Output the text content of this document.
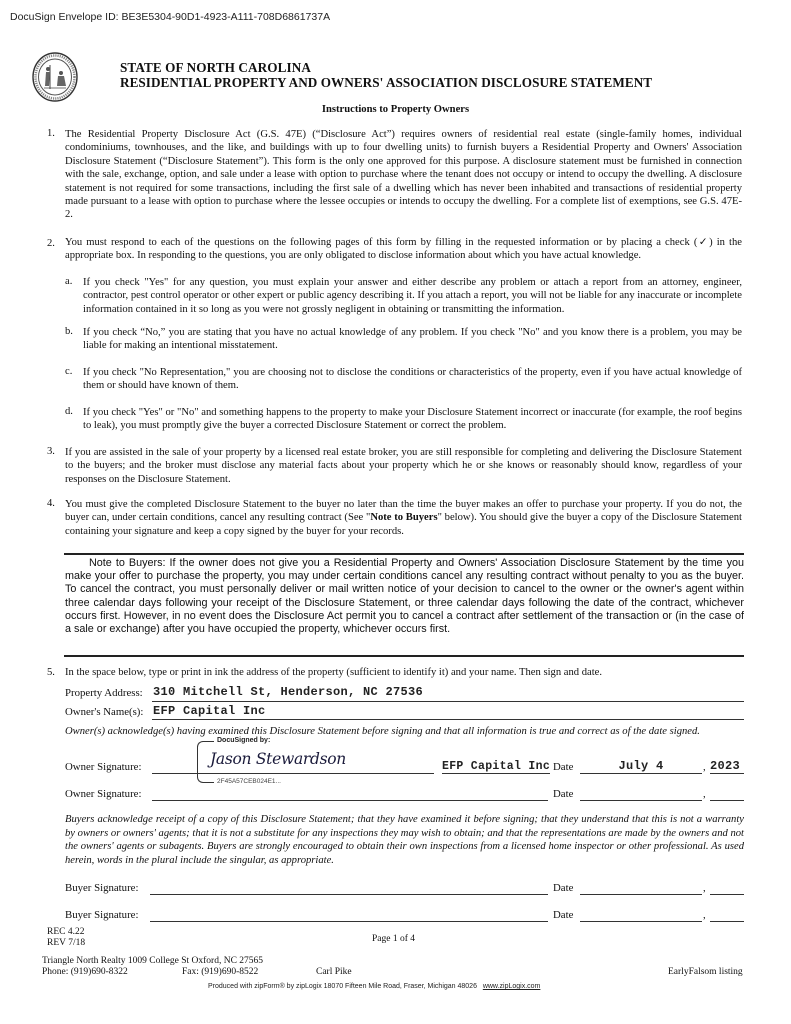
DocuSign Envelope ID: BE3E5304-90D1-4923-A111-708D6861737A
STATE OF NORTH CAROLINA
RESIDENTIAL PROPERTY AND OWNERS' ASSOCIATION DISCLOSURE STATEMENT
Instructions to Property Owners
1. The Residential Property Disclosure Act (G.S. 47E) (“Disclosure Act”) requires owners of residential real estate (single-family homes, individual condominiums, townhouses, and the like, and buildings with up to four dwelling units) to furnish buyers a Residential Property and Owners' Association Disclosure Statement (“Disclosure Statement”). This form is the only one approved for this purpose. A disclosure statement must be furnished in connection with the sale, exchange, option, and sale under a lease with option to purchase where the tenant does not occupy or intend to occupy the dwelling. A disclosure statement is not required for some transactions, including the first sale of a dwelling which has never been inhabited and transactions of residential property made pursuant to a lease with option to purchase where the lessee occupies or intends to occupy the dwelling. For a complete list of exemptions, see G.S. 47E-2.
2. You must respond to each of the questions on the following pages of this form by filling in the requested information or by placing a check (✓) in the appropriate box. In responding to the questions, you are only obligated to disclose information about which you have actual knowledge.
a. If you check "Yes" for any question, you must explain your answer and either describe any problem or attach a report from an attorney, engineer, contractor, pest control operator or other expert or public agency describing it. If you attach a report, you will not be liable for any inaccurate or incomplete information contained in it so long as you were not grossly negligent in obtaining or transmitting the information.
b. If you check “No,” you are stating that you have no actual knowledge of any problem. If you check "No" and you know there is a problem, you may be liable for making an intentional misstatement.
c. If you check "No Representation," you are choosing not to disclose the conditions or characteristics of the property, even if you have actual knowledge of them or should have known of them.
d. If you check "Yes" or "No" and something happens to the property to make your Disclosure Statement incorrect or inaccurate (for example, the roof begins to leak), you must promptly give the buyer a corrected Disclosure Statement or correct the problem.
3. If you are assisted in the sale of your property by a licensed real estate broker, you are still responsible for completing and delivering the Disclosure Statement to the buyers; and the broker must disclose any material facts about your property which he or she knows or reasonably should know, regardless of your responses on the Disclosure Statement.
4. You must give the completed Disclosure Statement to the buyer no later than the time the buyer makes an offer to purchase your property. If you do not, the buyer can, under certain conditions, cancel any resulting contract (See "Note to Buyers" below). You should give the buyer a copy of the Disclosure Statement containing your signature and keep a copy signed by the buyer for your records.
Note to Buyers: If the owner does not give you a Residential Property and Owners' Association Disclosure Statement by the time you make your offer to purchase the property, you may under certain conditions cancel any resulting contract without penalty to you as the buyer. To cancel the contract, you must personally deliver or mail written notice of your decision to cancel to the owner or the owner's agent within three calendar days following your receipt of the Disclosure Statement, or three calendar days following the date of the contract, whichever occurs first. However, in no event does the Disclosure Act permit you to cancel a contract after settlement of the transaction or (in the case of a sale or exchange) after you have occupied the property, whichever occurs first.
5. In the space below, type or print in ink the address of the property (sufficient to identify it) and your name. Then sign and date.
Property Address: 310 Mitchell St, Henderson, NC 27536
Owner's Name(s): EFP Capital Inc
Owner(s) acknowledge(s) having examined this Disclosure Statement before signing and that all information is true and correct as of the date signed.
Owner Signature:
DocuSigned by:
Jason Stewardson
2F45A57CEB024E1...
EFP Capital Inc Date	July 4	, 2023
Owner Signature:	Date	,
Buyers acknowledge receipt of a copy of this Disclosure Statement; that they have examined it before signing; that they understand that this is not a warranty by owners or owners' agents; that it is not a substitute for any inspections they may wish to obtain; and that the representations are made by the owners and not the owners' agents or subagents. Buyers are strongly encouraged to obtain their own inspections from a licensed home inspector or other professional. As used herein, words in the plural include the singular, as appropriate.
Buyer Signature:	Date	,
Buyer Signature:	Date	,
REC 4.22
REV 7/18	Page 1 of 4
Triangle North Realty 1009 College St Oxford, NC 27565
Phone: (919)690-8322	Fax: (919)690-8522	Carl Pike	EarlyFalsom listing
Produced with zipForm® by zipLogix 18070 Fifteen Mile Road, Fraser, Michigan 48026 www.zipLogix.com
